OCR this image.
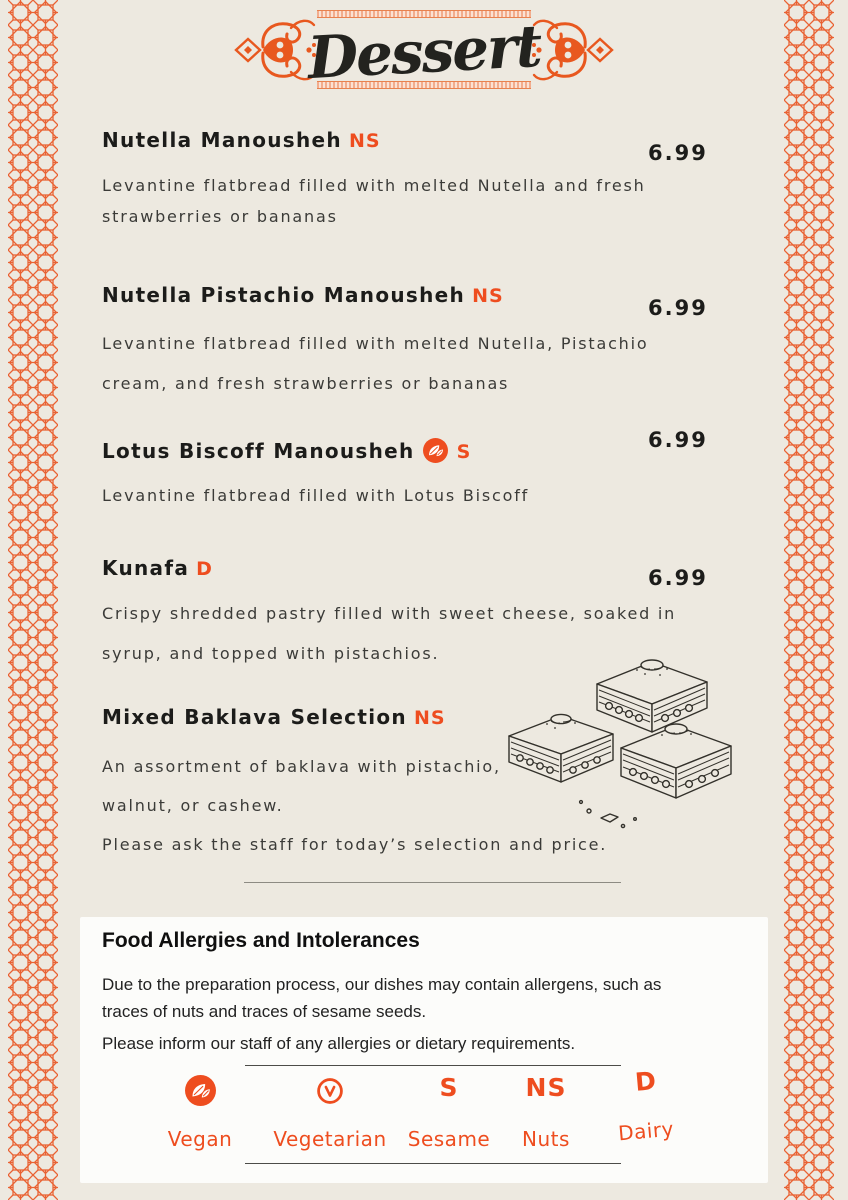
Dessert
Nutella Manousheh NS	6.99

Levantine flatbread filled with melted Nutella and fresh

strawberries or bananas

Nutella Pistachio Manousheh NS	6.99

Levantine flatbread filled with melted Nutella, Pistachio

cream, and fresh strawberries or bananas

Lotus Biscoff Manousheh S	6.99

Levantine flatbread filled with Lotus Biscoff

Kunafa D	6.99

Crispy shredded pastry filled with sweet cheese, soaked in

syrup, and topped with pistachios.

Mixed Baklava Selection NS

An assortment of baklava with pistachio,

walnut, or cashew.

Please ask the staff for today’s selection and price.

Food Allergies and Intolerances

Due to the preparation process, our dishes may contain allergens, such as

traces of nuts and traces of sesame seeds.

Please inform our staff of any allergies or dietary requirements.
S	NS	D
Vegan	Vegetarian	Sesame	Nuts	Dairy
